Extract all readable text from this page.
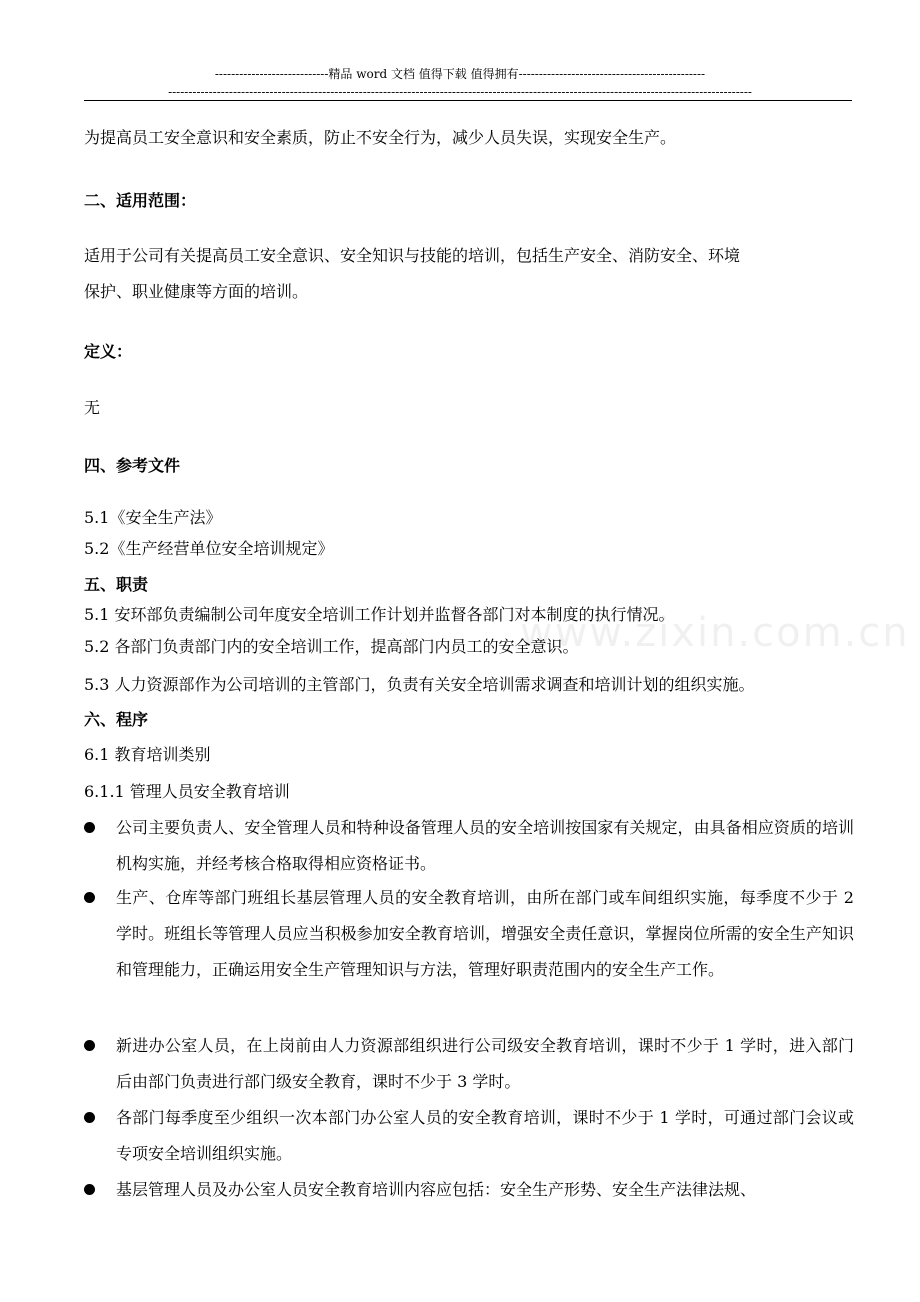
----------------------------精品 word 文档 值得下载 值得拥有----------------------------------------------
------------------------------------------------------------------------------------------------------------------------------------------------
www.zixin.com.cn
为提高员工安全意识和安全素质，防止不安全行为，减少人员失误，实现安全生产。
二、适用范围：
适用于公司有关提高员工安全意识、安全知识与技能的培训，包括生产安全、消防安全、环境
保护、职业健康等方面的培训。
定义：
无
四、参考文件
5.1《安全生产法》
5.2《生产经营单位安全培训规定》
五、职责
5.1 安环部负责编制公司年度安全培训工作计划并监督各部门对本制度的执行情况。
5.2 各部门负责部门内的安全培训工作，提高部门内员工的安全意识。
5.3 人力资源部作为公司培训的主管部门，负责有关安全培训需求调查和培训计划的组织实施。
六、程序
6.1 教育培训类别
6.1.1 管理人员安全教育培训
公司主要负责人、安全管理人员和特种设备管理人员的安全培训按国家有关规定，由具备相应资质的培训机构实施，并经考核合格取得相应资格证书。
生产、仓库等部门班组长基层管理人员的安全教育培训，由所在部门或车间组织实施，每季度不少于 2 学时。班组长等管理人员应当积极参加安全教育培训，增强安全责任意识，掌握岗位所需的安全生产知识和管理能力，正确运用安全生产管理知识与方法，管理好职责范围内的安全生产工作。
新进办公室人员，在上岗前由人力资源部组织进行公司级安全教育培训，课时不少于 1 学时，进入部门后由部门负责进行部门级安全教育，课时不少于 3 学时。
各部门每季度至少组织一次本部门办公室人员的安全教育培训，课时不少于 1 学时，可通过部门会议或专项安全培训组织实施。
基层管理人员及办公室人员安全教育培训内容应包括：安全生产形势、安全生产法律法规、
